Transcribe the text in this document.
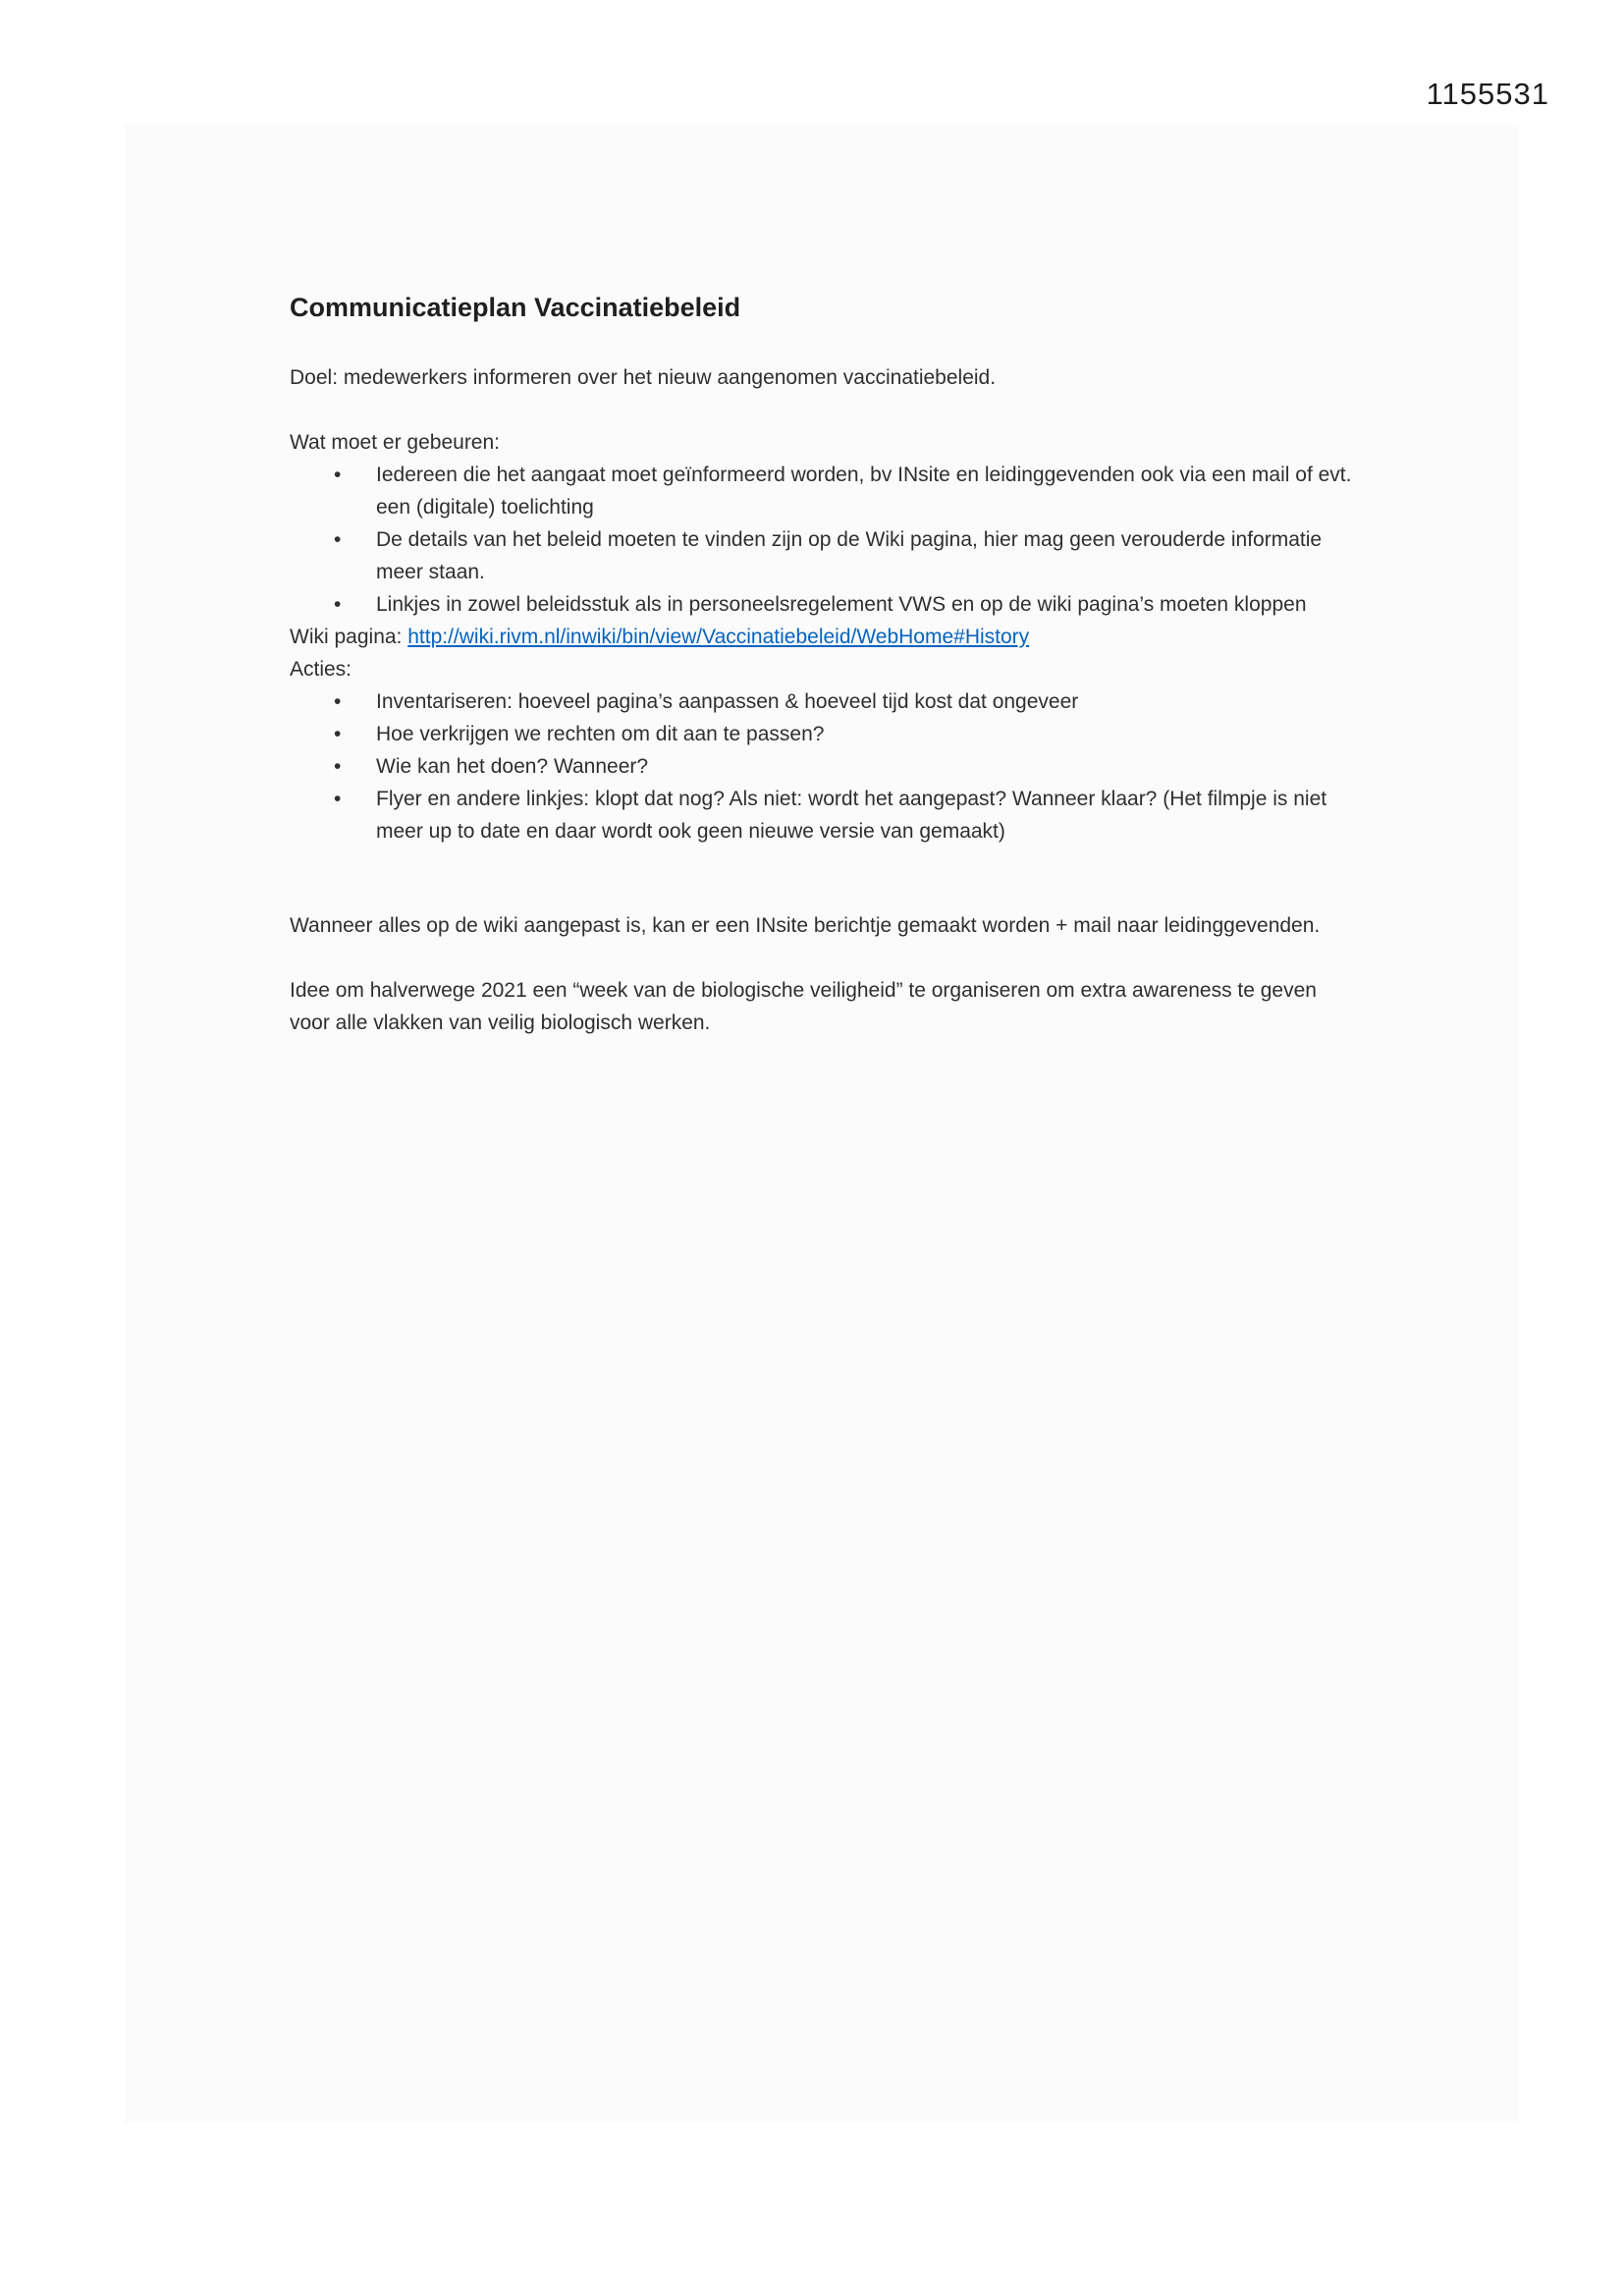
1155531
Communicatieplan Vaccinatiebeleid

Doel: medewerkers informeren over het nieuw aangenomen vaccinatiebeleid.

Wat moet er gebeuren:

• Iedereen die het aangaat moet geïnformeerd worden, bv INsite en leidinggevenden ook via een mail of evt. een (digitale) toelichting
• De details van het beleid moeten te vinden zijn op de Wiki pagina, hier mag geen verouderde informatie meer staan.
• Linkjes in zowel beleidsstuk als in personeelsregelement VWS en op de wiki pagina’s moeten kloppen

Wiki pagina: http://wiki.rivm.nl/inwiki/bin/view/Vaccinatiebeleid/WebHome#History

Acties:

• Inventariseren: hoeveel pagina’s aanpassen & hoeveel tijd kost dat ongeveer
• Hoe verkrijgen we rechten om dit aan te passen?
• Wie kan het doen? Wanneer?
• Flyer en andere linkjes: klopt dat nog? Als niet: wordt het aangepast? Wanneer klaar? (Het filmpje is niet meer up to date en daar wordt ook geen nieuwe versie van gemaakt)

Wanneer alles op de wiki aangepast is, kan er een INsite berichtje gemaakt worden + mail naar leidinggevenden.

Idee om halverwege 2021 een “week van de biologische veiligheid” te organiseren om extra awareness te geven voor alle vlakken van veilig biologisch werken.
